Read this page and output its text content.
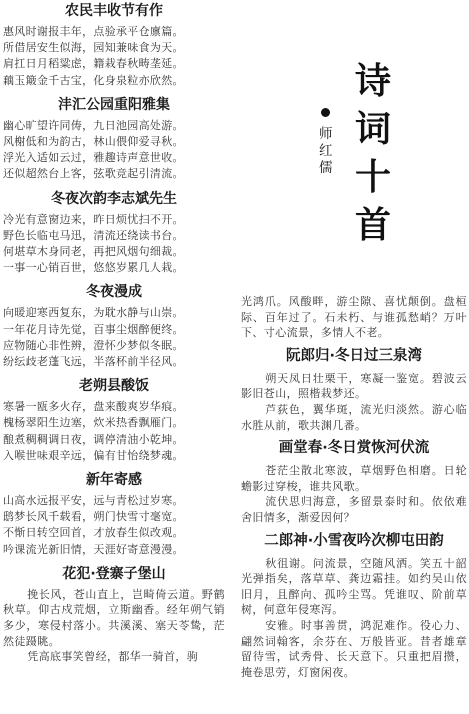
诗
词
十
首
师
红
儒
农民丰收节有作
惠风时谢报丰年，点验承平仓廪篇。
所借居安生似海，园知兼味食为天。
肩扛日月稻粱虑，籍栽春秋畴垄延。
藕玉簸金千古宝，化身泉粒亦欣然。
沣汇公园重阳雅集
幽心旷望许同俦，九日池园高处游。
风榭低和为韵古，林山偎仰爱寻秋。
浮光入适如云过，雅趣诗声意世收。
还似超然台上客，弦歌竞起引清流。
冬夜次韵李志斌先生
冷光有意窗边来，昨日烦忧扫不开。
野色长临屯马迅，清流还绕读书台。
何堪草木身同老，再把风烟句细裁。
一事一心销百世，悠悠岁累几人栽。
冬夜漫成
向暖迎寒西复东，为耽水静与山崇。
一年花月诗先觉，百事尘烟醉便终。
应物随心非性辨，澄怀少梦似冬眠。
纷纭歧老蓬飞远，半落杯前半径风。
老朔县酸饭
寒暑一瓯多火存，盘来酸爽岁华痕。
槐杨翠阳生边塞，炊米热香飘雁门。
酿煮稠稠调日夜，调停清油小乾坤。
入喉世味艰辛远，偏有甘怡绕梦魂。
新年寄感
山高水远报平安，远与青松过岁寒。
鸱梦长风千载看，朔门快雪寸毫宽。
不惭日转空回首，才放春生似改观。
吟课流光新旧情，天涯好寄意漫漫。
花犯·登寨子堡山
挽长风，苍山直上，岂畸倚云道。野鹤秋草。仰古戍荒烟，立斯幽香。经年朔气销多少，寒侵村落小。共溪溪、塞天苓鸷，茫然徒蹑眺。
凭高底事笑曾经，都华一骑首，驹
光鸿爪。风酸畔，游尘隙、喜忧颠倒。盘桓际、百年过了。石未朽、与谁孤愁峭？万叶下、寸心流景，多情人不老。
阮郎归·冬日过三泉湾
朔天凤日壮栗干，寒凝一鉴宽。碧波云影旧苍山，照楷栽梦还。
芦荻色，翼华斑，流光归淡然。游心临水胜从前，歌共渊几番。
画堂春·冬日赏恢河伏流
苍茫尘散北寒波，草烟野色相磨。日轮蟾影过穿梭，谁共风歌。
流伏思归海意，多留景泰时和。依依难舍旧情多，渐爱因何？
二郎神·小雪夜吟次柳屯田韵
秋徂谢。问流景，空随风洒。笑五十韶光弹指矣，落草草、龚边霜挂。如约吴山依旧月，且醉向、孤吟尘骂。凭谁叹、阶前草树，何意年侵寒泻。
安雅。时事善贯，鸿泥难作。役心力、翩然词翰客，余芬在、万般皆亚。昔者雄章留待雪，试秀骨、长天意下。只重把眉攒，掩卷思劳，灯窗闲夜。
